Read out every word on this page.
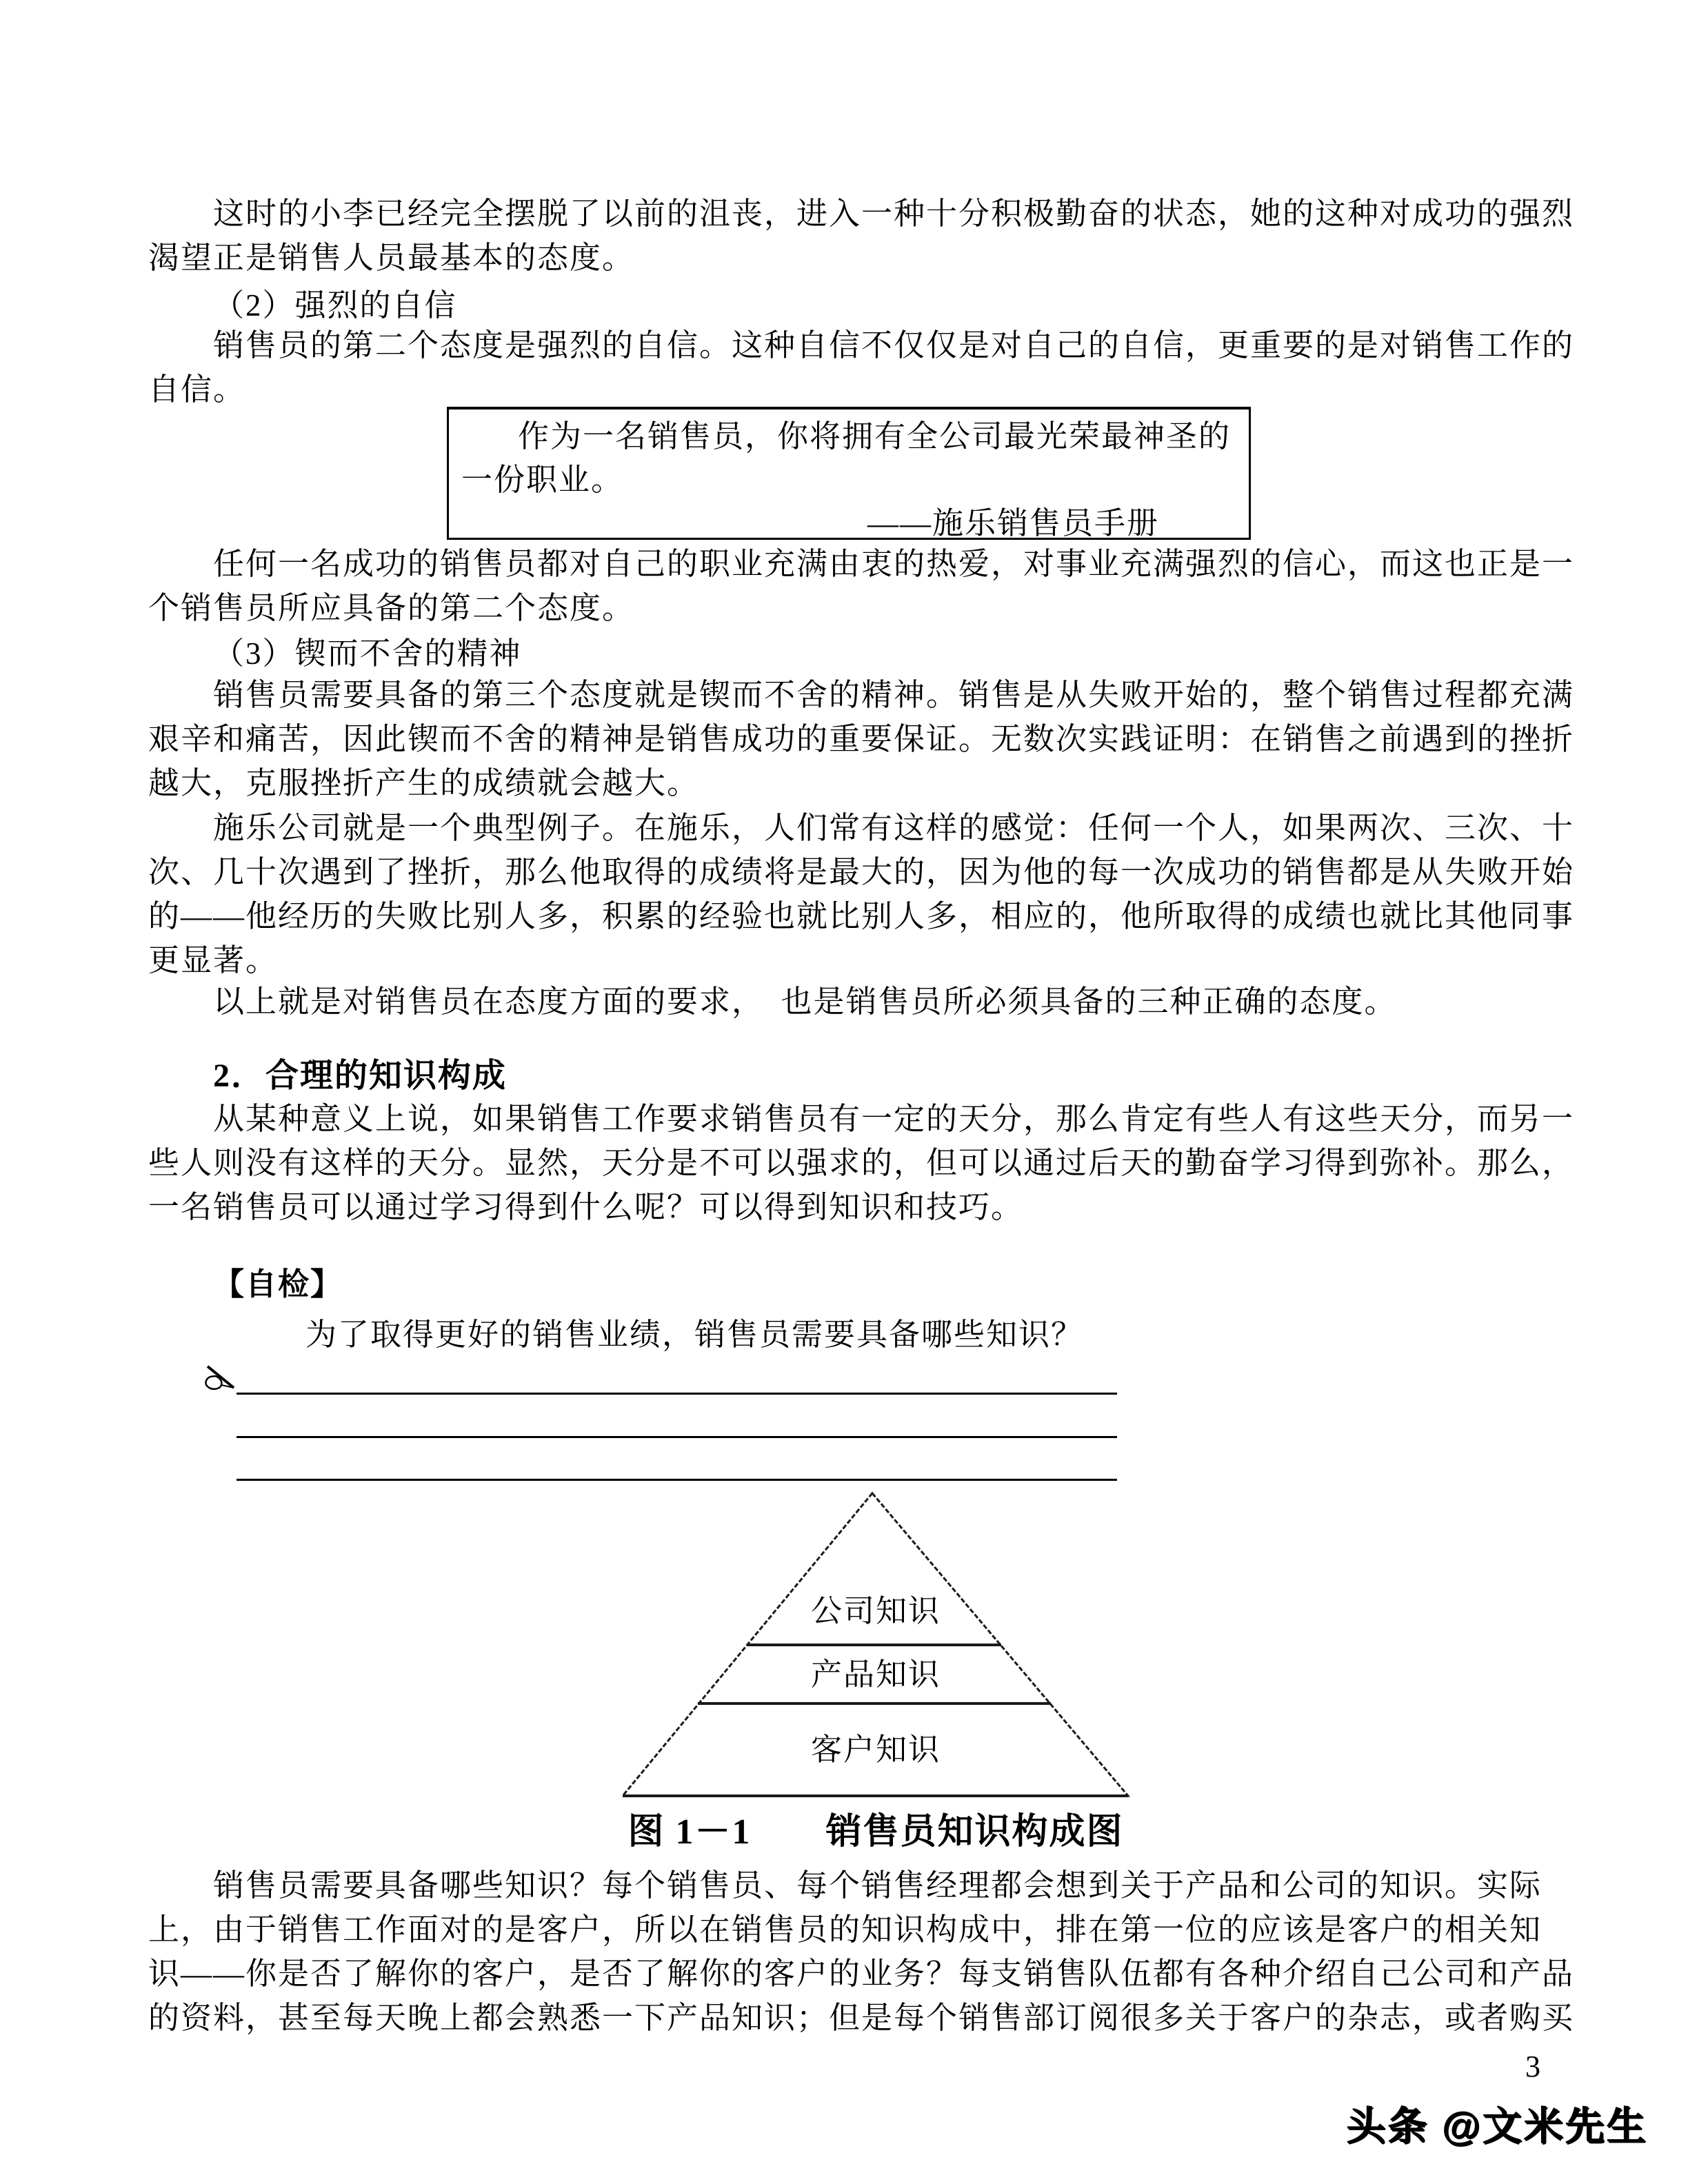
这时的小李已经完全摆脱了以前的沮丧，进入一种十分积极勤奋的状态，她的这种对成功的强烈
渴望正是销售人员最基本的态度。
（2）强烈的自信
销售员的第二个态度是强烈的自信。这种自信不仅仅是对自己的自信，更重要的是对销售工作的
自信。
作为一名销售员，你将拥有全公司最光荣最神圣的
一份职业。
——施乐销售员手册
任何一名成功的销售员都对自己的职业充满由衷的热爱，对事业充满强烈的信心，而这也正是一
个销售员所应具备的第二个态度。
（3）锲而不舍的精神
销售员需要具备的第三个态度就是锲而不舍的精神。销售是从失败开始的，整个销售过程都充满
艰辛和痛苦，因此锲而不舍的精神是销售成功的重要保证。无数次实践证明：在销售之前遇到的挫折
越大，克服挫折产生的成绩就会越大。
施乐公司就是一个典型例子。在施乐，人们常有这样的感觉：任何一个人，如果两次、三次、十
次、几十次遇到了挫折，那么他取得的成绩将是最大的，因为他的每一次成功的销售都是从失败开始
的——他经历的失败比别人多，积累的经验也就比别人多，相应的，他所取得的成绩也就比其他同事
更显著。
以上就是对销售员在态度方面的要求，　也是销售员所必须具备的三种正确的态度。
2．合理的知识构成
从某种意义上说，如果销售工作要求销售员有一定的天分，那么肯定有些人有这些天分，而另一
些人则没有这样的天分。显然，天分是不可以强求的，但可以通过后天的勤奋学习得到弥补。那么，
一名销售员可以通过学习得到什么呢？可以得到知识和技巧。
【自检】
为了取得更好的销售业绩，销售员需要具备哪些知识？
公司知识
产品知识
客户知识
图 1－1　　销售员知识构成图
销售员需要具备哪些知识？每个销售员、每个销售经理都会想到关于产品和公司的知识。实际
上，由于销售工作面对的是客户，所以在销售员的知识构成中，排在第一位的应该是客户的相关知
识——你是否了解你的客户，是否了解你的客户的业务？每支销售队伍都有各种介绍自己公司和产品
的资料，甚至每天晚上都会熟悉一下产品知识；但是每个销售部订阅很多关于客户的杂志，或者购买
3
头条 @文米先生
